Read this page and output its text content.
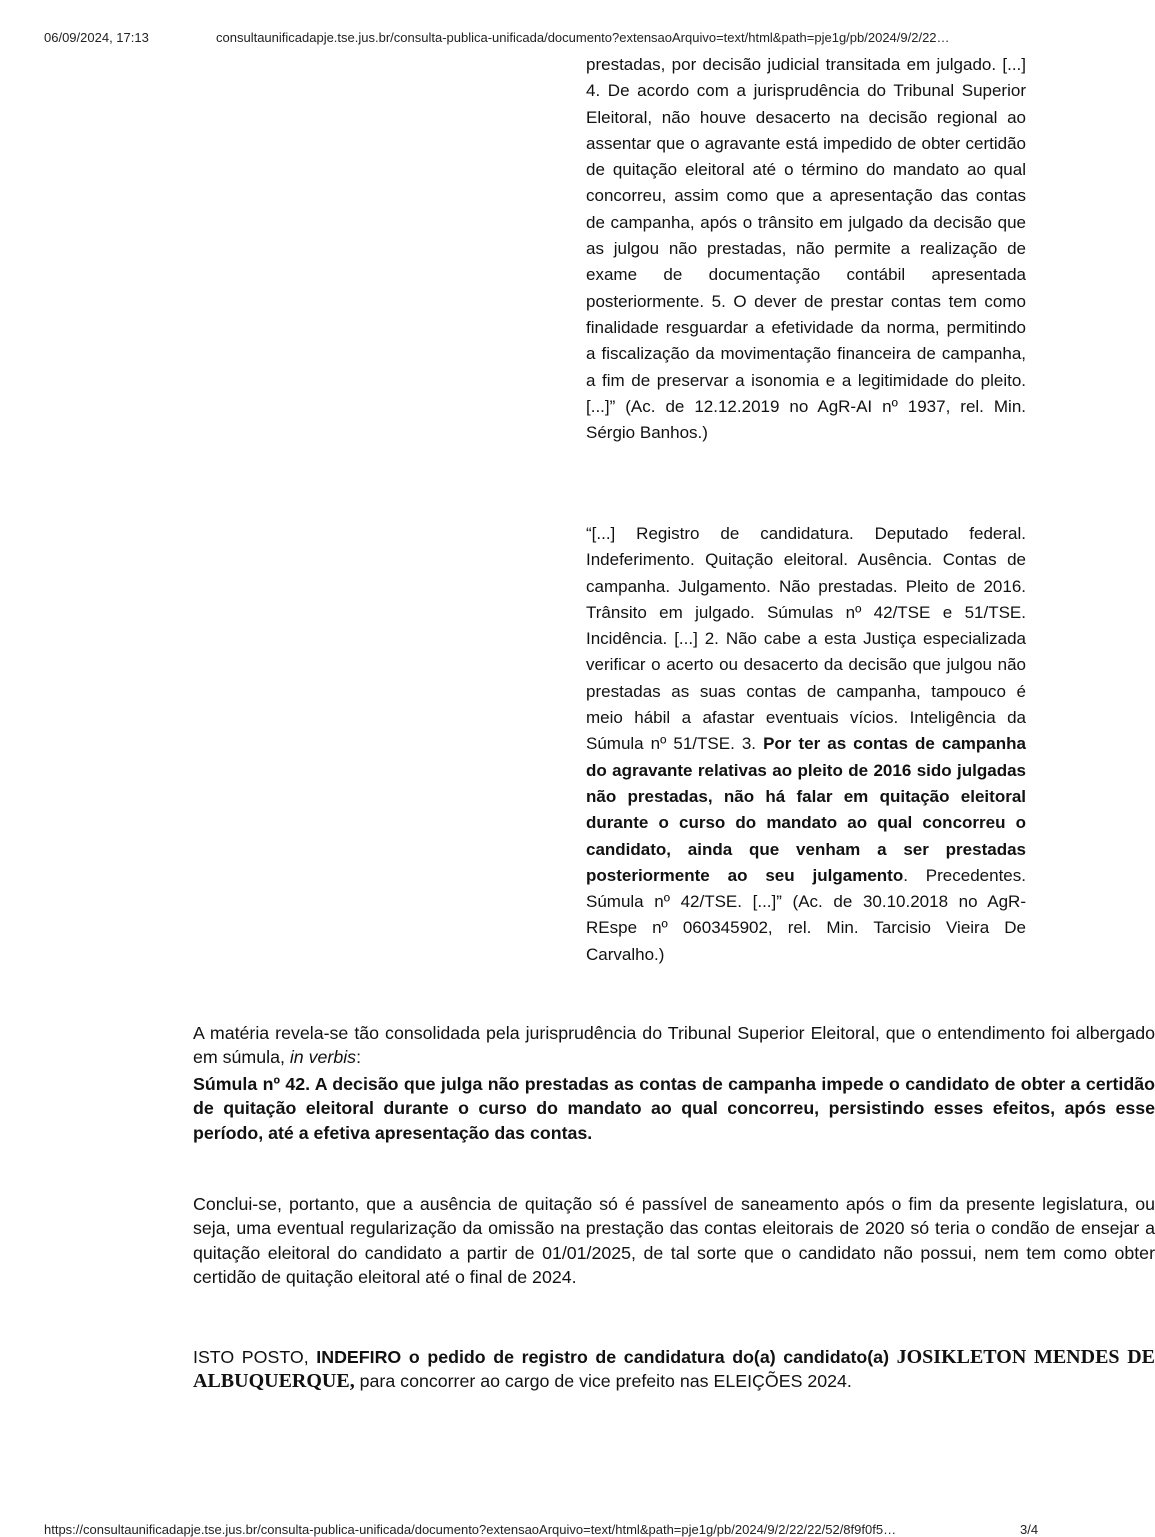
06/09/2024, 17:13	consultaunificadapje.tse.jus.br/consulta-publica-unificada/documento?extensaoArquivo=text/html&path=pje1g/pb/2024/9/2/22…
prestadas, por decisão judicial transitada em julgado. [...] 4. De acordo com a jurisprudência do Tribunal Superior Eleitoral, não houve desacerto na decisão regional ao assentar que o agravante está impedido de obter certidão de quitação eleitoral até o término do mandato ao qual concorreu, assim como que a apresentação das contas de campanha, após o trânsito em julgado da decisão que as julgou não prestadas, não permite a realização de exame de documentação contábil apresentada posteriormente. 5. O dever de prestar contas tem como finalidade resguardar a efetividade da norma, permitindo a fiscalização da movimentação financeira de campanha, a fim de preservar a isonomia e a legitimidade do pleito. [...]” (Ac. de 12.12.2019 no AgR-AI nº 1937, rel. Min. Sérgio Banhos.)
“[...] Registro de candidatura. Deputado federal. Indeferimento. Quitação eleitoral. Ausência. Contas de campanha. Julgamento. Não prestadas. Pleito de 2016. Trânsito em julgado. Súmulas nº 42/TSE e 51/TSE. Incidência. [...] 2. Não cabe a esta Justiça especializada verificar o acerto ou desacerto da decisão que julgou não prestadas as suas contas de campanha, tampouco é meio hábil a afastar eventuais vícios. Inteligência da Súmula nº 51/TSE. 3. Por ter as contas de campanha do agravante relativas ao pleito de 2016 sido julgadas não prestadas, não há falar em quitação eleitoral durante o curso do mandato ao qual concorreu o candidato, ainda que venham a ser prestadas posteriormente ao seu julgamento. Precedentes. Súmula nº 42/TSE. [...]” (Ac. de 30.10.2018 no AgR-REspe nº 060345902, rel. Min. Tarcisio Vieira De Carvalho.)
A matéria revela-se tão consolidada pela jurisprudência do Tribunal Superior Eleitoral, que o entendimento foi albergado em súmula, in verbis:
Súmula nº 42. A decisão que julga não prestadas as contas de campanha impede o candidato de obter a certidão de quitação eleitoral durante o curso do mandato ao qual concorreu, persistindo esses efeitos, após esse período, até a efetiva apresentação das contas.
Conclui-se, portanto, que a ausência de quitação só é passível de saneamento após o fim da presente legislatura, ou seja, uma eventual regularização da omissão na prestação das contas eleitorais de 2020 só teria o condão de ensejar a quitação eleitoral do candidato a partir de 01/01/2025, de tal sorte que o candidato não possui, nem tem como obter certidão de quitação eleitoral até o final de 2024.
ISTO POSTO, INDEFIRO o pedido de registro de candidatura do(a) candidato(a) JOSIKLETON MENDES DE ALBUQUERQUE, para concorrer ao cargo de vice prefeito nas ELEIÇÕES 2024.
https://consultaunificadapje.tse.jus.br/consulta-publica-unificada/documento?extensaoArquivo=text/html&path=pje1g/pb/2024/9/2/22/22/52/8f9f0f5…	3/4
